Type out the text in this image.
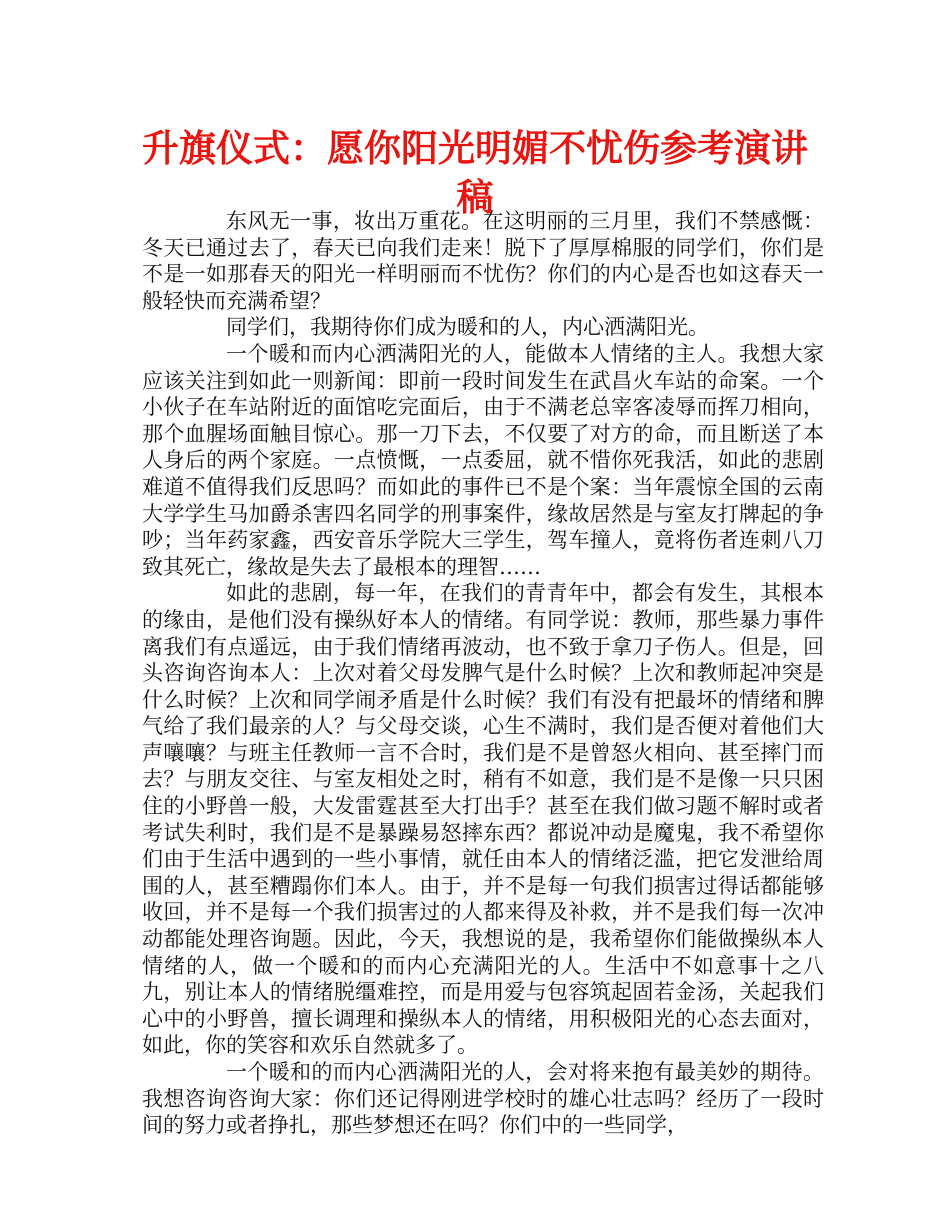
升旗仪式：愿你阳光明媚不忧伤参考演讲稿

东风无一事，妆出万重花。在这明丽的三月里，我们不禁感慨：冬天已通过去了，春天已向我们走来！脱下了厚厚棉服的同学们，你们是不是一如那春天的阳光一样明丽而不忧伤？你们的内心是否也如这春天一般轻快而充满希望？

同学们，我期待你们成为暖和的人，内心洒满阳光。

一个暖和而内心洒满阳光的人，能做本人情绪的主人。我想大家应该关注到如此一则新闻：即前一段时间发生在武昌火车站的命案。一个小伙子在车站附近的面馆吃完面后，由于不满老总宰客凌辱而挥刀相向，那个血腥场面触目惊心。那一刀下去，不仅要了对方的命，而且断送了本人身后的两个家庭。一点愤慨，一点委屈，就不惜你死我活，如此的悲剧难道不值得我们反思吗？而如此的事件已不是个案：当年震惊全国的云南大学学生马加爵杀害四名同学的刑事案件，缘故居然是与室友打牌起的争吵；当年药家鑫，西安音乐学院大三学生，驾车撞人，竟将伤者连刺八刀致其死亡，缘故是失去了最根本的理智……

如此的悲剧，每一年，在我们的青青年中，都会有发生，其根本的缘由，是他们没有操纵好本人的情绪。有同学说：教师，那些暴力事件离我们有点遥远，由于我们情绪再波动，也不致于拿刀子伤人。但是，回头咨询咨询本人：上次对着父母发脾气是什么时候？上次和教师起冲突是什么时候？上次和同学闹矛盾是什么时候？我们有没有把最坏的情绪和脾气给了我们最亲的人？与父母交谈，心生不满时，我们是否便对着他们大声嚷嚷？与班主任教师一言不合时，我们是不是曾怒火相向、甚至摔门而去？与朋友交往、与室友相处之时，稍有不如意，我们是不是像一只只困住的小野兽一般，大发雷霆甚至大打出手？甚至在我们做习题不解时或者考试失利时，我们是不是暴躁易怒摔东西？都说冲动是魔鬼，我不希望你们由于生活中遇到的一些小事情，就任由本人的情绪泛滥，把它发泄给周围的人，甚至糟蹋你们本人。由于，并不是每一句我们损害过得话都能够收回，并不是每一个我们损害过的人都来得及补救，并不是我们每一次冲动都能处理咨询题。因此，今天，我想说的是，我希望你们能做操纵本人情绪的人，做一个暖和的而内心充满阳光的人。生活中不如意事十之八九，别让本人的情绪脱缰难控，而是用爱与包容筑起固若金汤，关起我们心中的小野兽，擅长调理和操纵本人的情绪，用积极阳光的心态去面对，如此，你的笑容和欢乐自然就多了。

一个暖和的而内心洒满阳光的人，会对将来抱有最美妙的期待。我想咨询咨询大家：你们还记得刚进学校时的雄心壮志吗？经历了一段时间的努力或者挣扎，那些梦想还在吗？你们中的一些同学，
